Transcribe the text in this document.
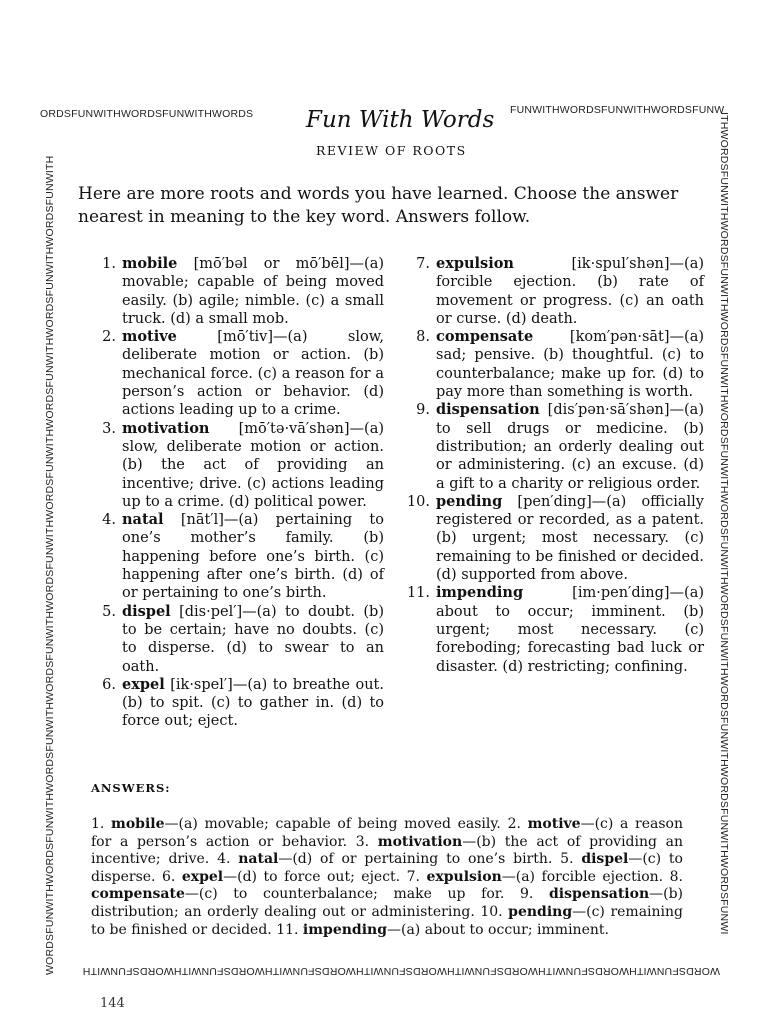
ORDSFUNWITHWORDSFUNWITHWORDS	FUNWITHWORDSFUNWITHWORDSFUNW
WORDSFUNWITHWORDSFUNWITHWORDSFUNWITHWORDSFUNWITHWORDSFUNWITHWORDSFUNWITHWORDSFUNWITHWORDSFUNWITHWORDSFUNWITH	ITHWORDSFUNWITHWORDSFUNWITHWORDSFUNWITHWORDSFUNWITHWORDSFUNWITHWORDSFUNWITHWORDSFUNWITHWORDSFUNWITHWORDSFUNWI
WORDSFUNWITHWORDSFUNWITHWORDSFUNWITHWORDSFUNWITHWORDSFUNWITHWORDSFUNWITHWORDSFUNWITH
Fun With Words
REVIEW OF ROOTS
Here are more roots and words you have learned. Choose the answer nearest in meaning to the key word. Answers follow.
1. mobile [mō′bəl or mō′bēl]—(a) movable; capable of being moved easily. (b) agile; nimble. (c) a small truck. (d) a small mob.
2. motive [mō′tiv]—(a) slow, deliberate motion or action. (b) mechanical force. (c) a reason for a person’s action or behavior. (d) actions leading up to a crime.
3. motivation [mō′tə·vā′shən]—(a) slow, deliberate motion or action. (b) the act of providing an incentive; drive. (c) actions leading up to a crime. (d) political power.
4. natal [nāt′l]—(a) pertaining to one’s mother’s family. (b) happening before one’s birth. (c) happening after one’s birth. (d) of or pertaining to one’s birth.
5. dispel [dis·pel′]—(a) to doubt. (b) to be certain; have no doubts. (c) to disperse. (d) to swear to an oath.
6. expel [ik·spel′]—(a) to breathe out. (b) to spit. (c) to gather in. (d) to force out; eject.
7. expulsion [ik·spul′shən]—(a) forcible ejection. (b) rate of movement or progress. (c) an oath or curse. (d) death.
8. compensate [kom′pən·sāt]—(a) sad; pensive. (b) thoughtful. (c) to counterbalance; make up for. (d) to pay more than something is worth.
9. dispensation [dis′pən·sā′shən]—(a) to sell drugs or medicine. (b) distribution; an orderly dealing out or administering. (c) an excuse. (d) a gift to a charity or religious order.
10. pending [pen′ding]—(a) officially registered or recorded, as a patent. (b) urgent; most necessary. (c) remaining to be finished or decided. (d) supported from above.
11. impending [im·pen′ding]—(a) about to occur; imminent. (b) urgent; most necessary. (c) foreboding; forecasting bad luck or disaster. (d) restricting; confining.
ANSWERS:
1. mobile—(a) movable; capable of being moved easily. 2. motive—(c) a reason for a person’s action or behavior. 3. motivation—(b) the act of providing an incentive; drive. 4. natal—(d) of or pertaining to one’s birth. 5. dispel—(c) to disperse. 6. expel—(d) to force out; eject. 7. expulsion—(a) forcible ejection. 8. compensate—(c) to counterbalance; make up for. 9. dispensation—(b) distribution; an orderly dealing out or administering. 10. pending—(c) remaining to be finished or decided. 11. impending—(a) about to occur; imminent.
144
